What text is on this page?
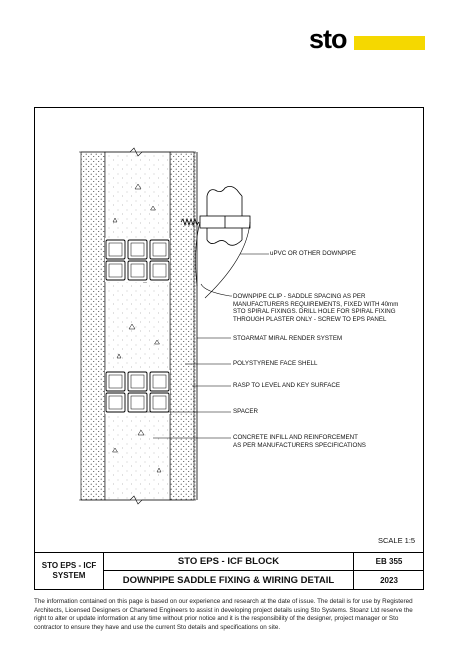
sto
uPVC OR OTHER DOWNPIPE
DOWNPIPE CLIP - SADDLE SPACING AS PER
MANUFACTURERS REQUIREMENTS, FIXED WITH 40mm
STO SPIRAL FIXINGS. DRILL HOLE FOR SPIRAL FIXING
THROUGH PLASTER ONLY - SCREW TO EPS PANEL
STOARMAT MIRAL RENDER SYSTEM
POLYSTYRENE FACE SHELL
RASP TO LEVEL AND KEY SURFACE
SPACER
CONCRETE INFILL AND REINFORCEMENT
AS PER MANUFACTURERS SPECIFICATIONS
SCALE 1:5
STO EPS - ICF
SYSTEM
STO EPS - ICF BLOCK
DOWNPIPE SADDLE FIXING & WIRING DETAIL
EB 355
2023
The information contained on this page is based on our experience and research at the date of issue. The detail is for use by Registered Architects, Licensed Designers or Chartered Engineers to assist in developing project details using Sto Systems. Stoanz Ltd reserve the right to alter or update information at any time without prior notice and it is the responsibility of the designer, project manager or Sto contractor to ensure they have and use the current Sto details and specifications on site.
